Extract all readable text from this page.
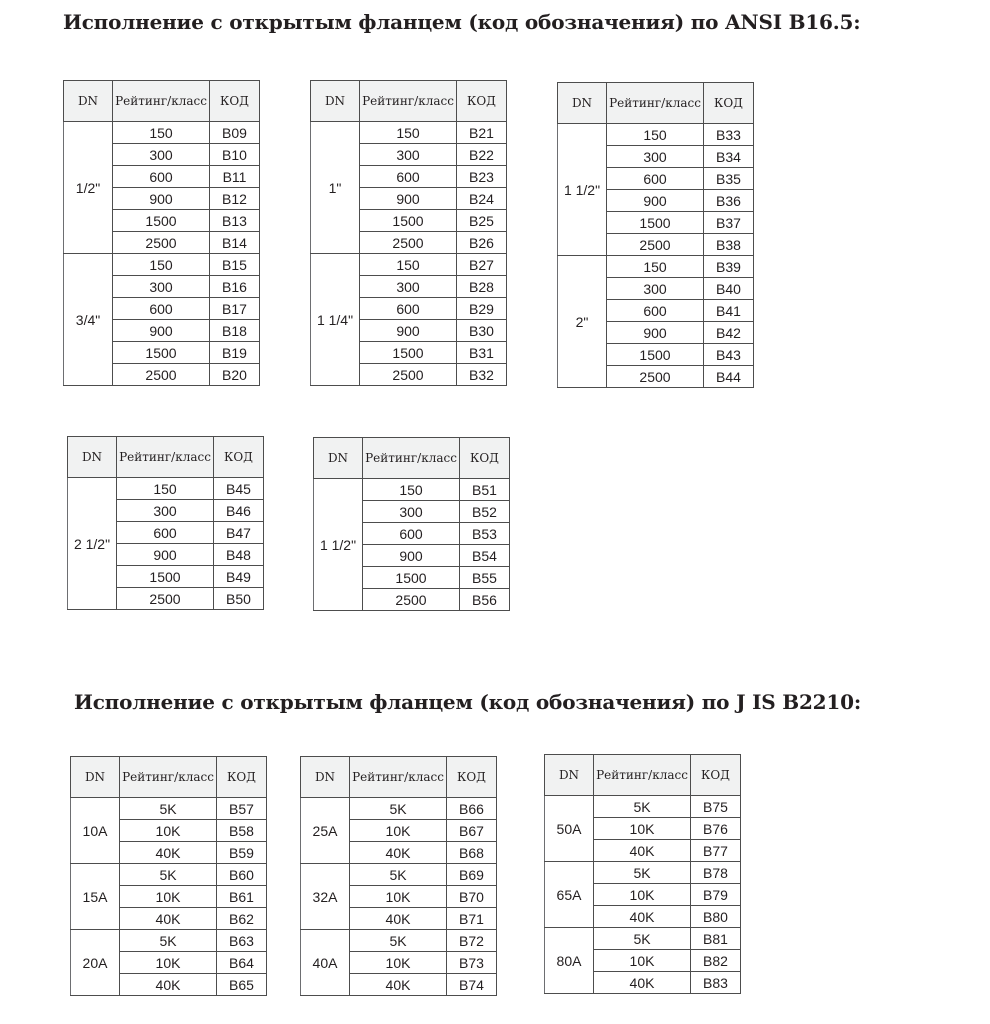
Исполнение с открытым фланцем (код обозначения) по ANSI B16.5:
DN	Рейтинг/класс	КОД
1/2"	150	B09
	300	B10
	600	B11
	900	B12
	1500	B13
	2500	B14
3/4"	150	B15
	300	B16
	600	B17
	900	B18
	1500	B19
	2500	B20
DN	Рейтинг/класс	КОД
1"	150	B21
	300	B22
	600	B23
	900	B24
	1500	B25
	2500	B26
1 1/4"	150	B27
	300	B28
	600	B29
	900	B30
	1500	B31
	2500	B32
DN	Рейтинг/класс	КОД
1 1/2"	150	B33
	300	B34
	600	B35
	900	B36
	1500	B37
	2500	B38
2"	150	B39
	300	B40
	600	B41
	900	B42
	1500	B43
	2500	B44
DN	Рейтинг/класс	КОД
2 1/2"	150	B45
	300	B46
	600	B47
	900	B48
	1500	B49
	2500	B50
DN	Рейтинг/класс	КОД
1 1/2"	150	B51
	300	B52
	600	B53
	900	B54
	1500	B55
	2500	B56
Исполнение с открытым фланцем (код обозначения) по J IS B2210:
DN	Рейтинг/класс	КОД
10A	5K	B57
	10K	B58
	40K	B59
15A	5K	B60
	10K	B61
	40K	B62
20A	5K	B63
	10K	B64
	40K	B65
DN	Рейтинг/класс	КОД
25A	5K	B66
	10K	B67
	40K	B68
32A	5K	B69
	10K	B70
	40K	B71
40A	5K	B72
	10K	B73
	40K	B74
DN	Рейтинг/класс	КОД
50A	5K	B75
	10K	B76
	40K	B77
65A	5K	B78
	10K	B79
	40K	B80
80A	5K	B81
	10K	B82
	40K	B83
